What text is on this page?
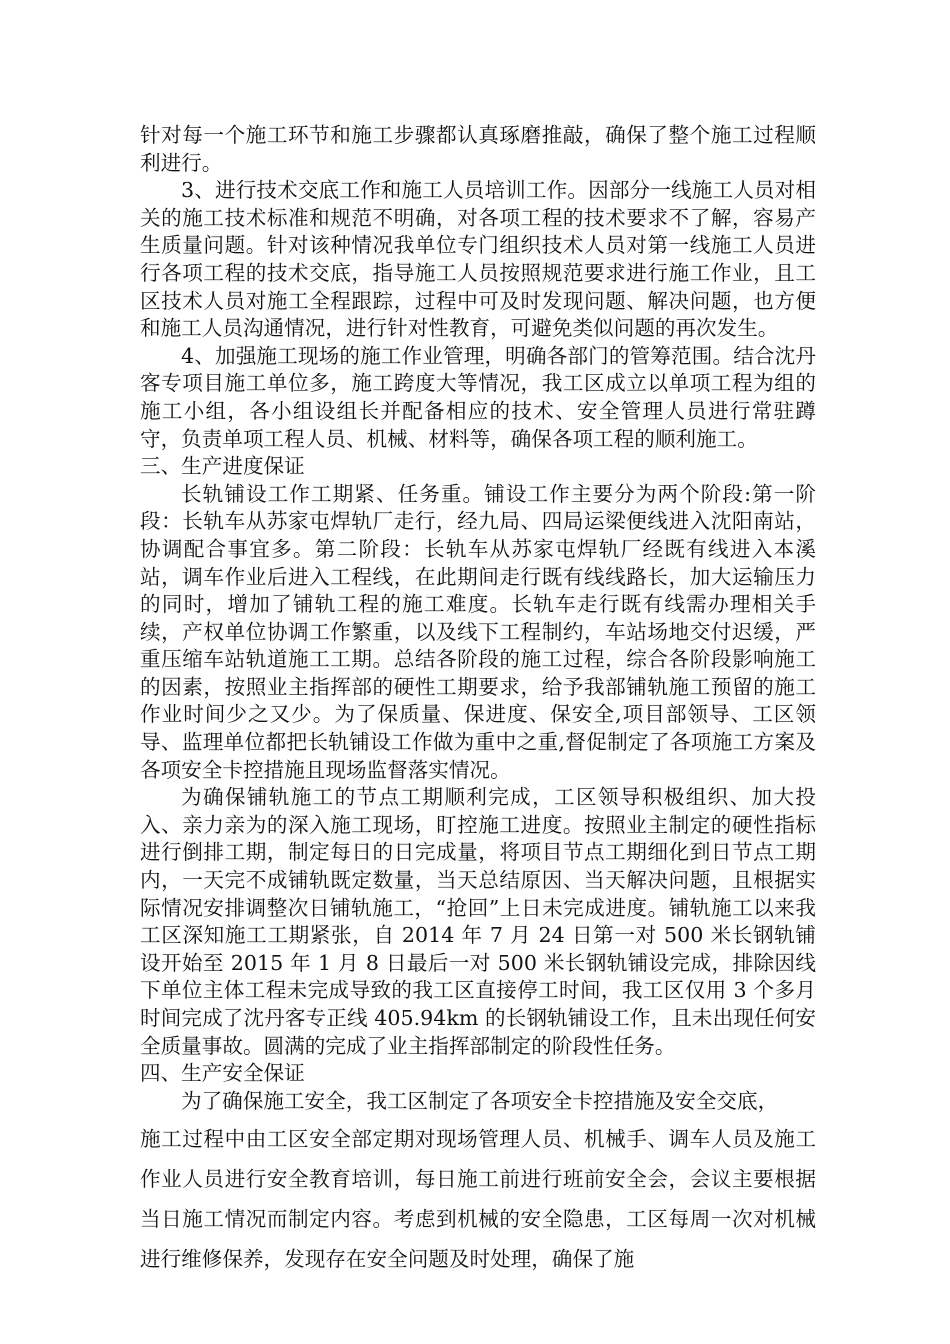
针对每一个施工环节和施工步骤都认真琢磨推敲，确保了整个施工过程顺利进行。

3、进行技术交底工作和施工人员培训工作。因部分一线施工人员对相关的施工技术标准和规范不明确，对各项工程的技术要求不了解，容易产生质量问题。针对该种情况我单位专门组织技术人员对第一线施工人员进行各项工程的技术交底，指导施工人员按照规范要求进行施工作业，且工区技术人员对施工全程跟踪，过程中可及时发现问题、解决问题，也方便和施工人员沟通情况，进行针对性教育，可避免类似问题的再次发生。

4、加强施工现场的施工作业管理，明确各部门的管筹范围。结合沈丹客专项目施工单位多，施工跨度大等情况，我工区成立以单项工程为组的施工小组，各小组设组长并配备相应的技术、安全管理人员进行常驻蹲守，负责单项工程人员、机械、材料等，确保各项工程的顺利施工。

三、生产进度保证

长轨铺设工作工期紧、任务重。铺设工作主要分为两个阶段:第一阶段：长轨车从苏家屯焊轨厂走行，经九局、四局运梁便线进入沈阳南站，协调配合事宜多。第二阶段：长轨车从苏家屯焊轨厂经既有线进入本溪站，调车作业后进入工程线，在此期间走行既有线线路长，加大运输压力的同时，增加了铺轨工程的施工难度。长轨车走行既有线需办理相关手续，产权单位协调工作繁重，以及线下工程制约，车站场地交付迟缓，严重压缩车站轨道施工工期。总结各阶段的施工过程，综合各阶段影响施工的因素，按照业主指挥部的硬性工期要求，给予我部铺轨施工预留的施工作业时间少之又少。为了保质量、保进度、保安全,项目部领导、工区领导、监理单位都把长轨铺设工作做为重中之重,督促制定了各项施工方案及各项安全卡控措施且现场监督落实情况。

为确保铺轨施工的节点工期顺利完成，工区领导积极组织、加大投入、亲力亲为的深入施工现场，盯控施工进度。按照业主制定的硬性指标进行倒排工期，制定每日的日完成量，将项目节点工期细化到日节点工期内，一天完不成铺轨既定数量，当天总结原因、当天解决问题，且根据实际情况安排调整次日铺轨施工，“抢回”上日未完成进度。铺轨施工以来我工区深知施工工期紧张，自 2014 年 7 月 24 日第一对 500 米长钢轨铺设开始至 2015 年 1 月 8 日最后一对 500 米长钢轨铺设完成，排除因线下单位主体工程未完成导致的我工区直接停工时间，我工区仅用 3 个多月时间完成了沈丹客专正线 405.94km 的长钢轨铺设工作，且未出现任何安全质量事故。圆满的完成了业主指挥部制定的阶段性任务。

四、生产安全保证

为了确保施工安全，我工区制定了各项安全卡控措施及安全交底，

施工过程中由工区安全部定期对现场管理人员、机械手、调车人员及施工作业人员进行安全教育培训，每日施工前进行班前安全会，会议主要根据当日施工情况而制定内容。考虑到机械的安全隐患，工区每周一次对机械进行维修保养，发现存在安全问题及时处理，确保了施
